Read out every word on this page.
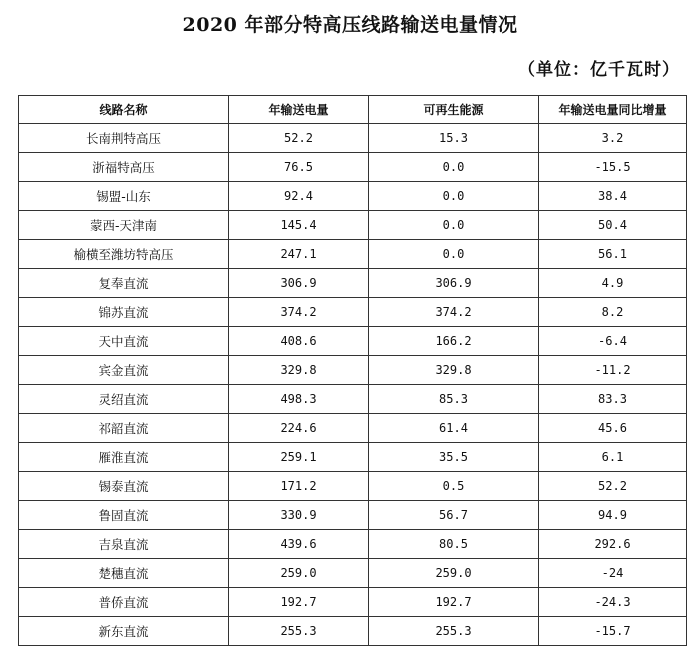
2020 年部分特高压线路输送电量情况
（单位：亿千瓦时）
线路名称	年输送电量	可再生能源	年输送电量同比增量
长南荆特高压	52.2	15.3	3.2
浙福特高压	76.5	0.0	-15.5
锡盟-山东	92.4	0.0	38.4
蒙西-天津南	145.4	0.0	50.4
榆横至潍坊特高压	247.1	0.0	56.1
复奉直流	306.9	306.9	4.9
锦苏直流	374.2	374.2	8.2
天中直流	408.6	166.2	-6.4
宾金直流	329.8	329.8	-11.2
灵绍直流	498.3	85.3	83.3
祁韶直流	224.6	61.4	45.6
雁淮直流	259.1	35.5	6.1
锡泰直流	171.2	0.5	52.2
鲁固直流	330.9	56.7	94.9
吉泉直流	439.6	80.5	292.6
楚穗直流	259.0	259.0	-24
普侨直流	192.7	192.7	-24.3
新东直流	255.3	255.3	-15.7
